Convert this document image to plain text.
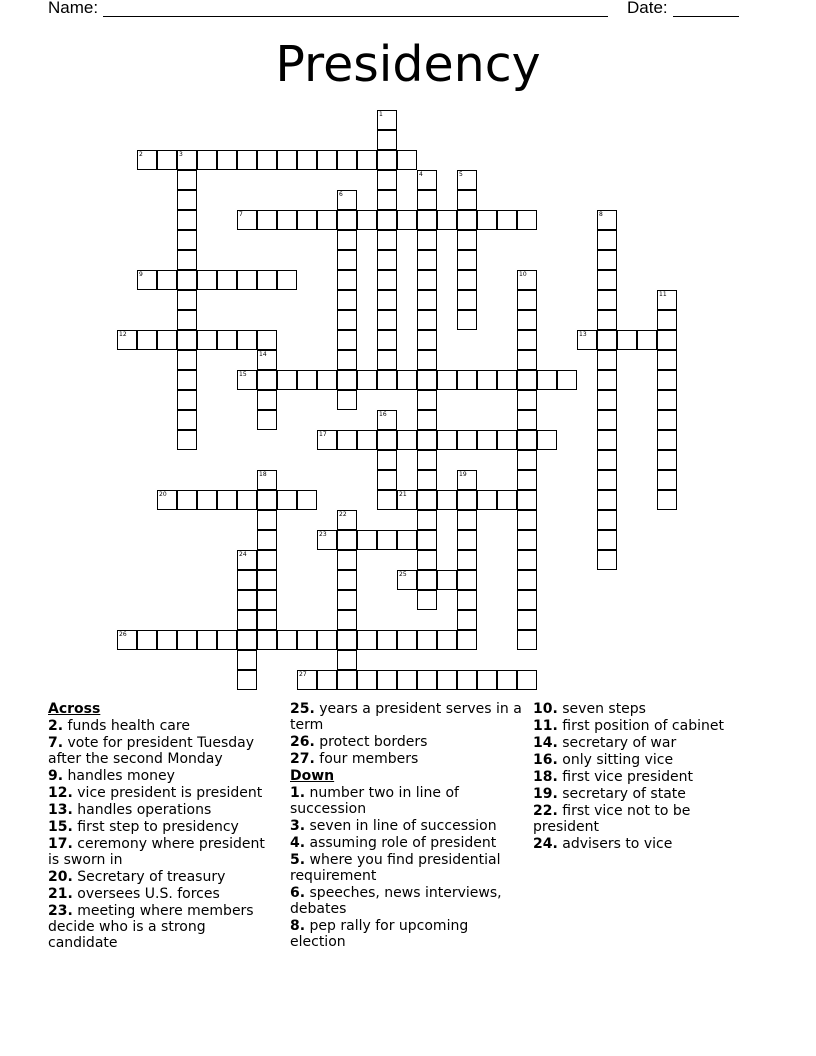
Name:	Date:
Presidency
1
2	3
4	5
6
7	8
9	10
11
12	13
14
15
16
17
18	19
20	21
22
23
24
25
26
27
Across
2. funds health care
7. vote for president Tuesday after the second Monday
9. handles money
12. vice president is president
13. handles operations
15. first step to presidency
17. ceremony where president is sworn in
20. Secretary of treasury
21. oversees U.S. forces
23. meeting where members decide who is a strong candidate
25. years a president serves in a term
26. protect borders
27. four members
Down
1. number two in line of succession
3. seven in line of succession
4. assuming role of president
5. where you find presidential requirement
6. speeches, news interviews, debates
8. pep rally for upcoming election
10. seven steps
11. first position of cabinet
14. secretary of war
16. only sitting vice
18. first vice president
19. secretary of state
22. first vice not to be president
24. advisers to vice
